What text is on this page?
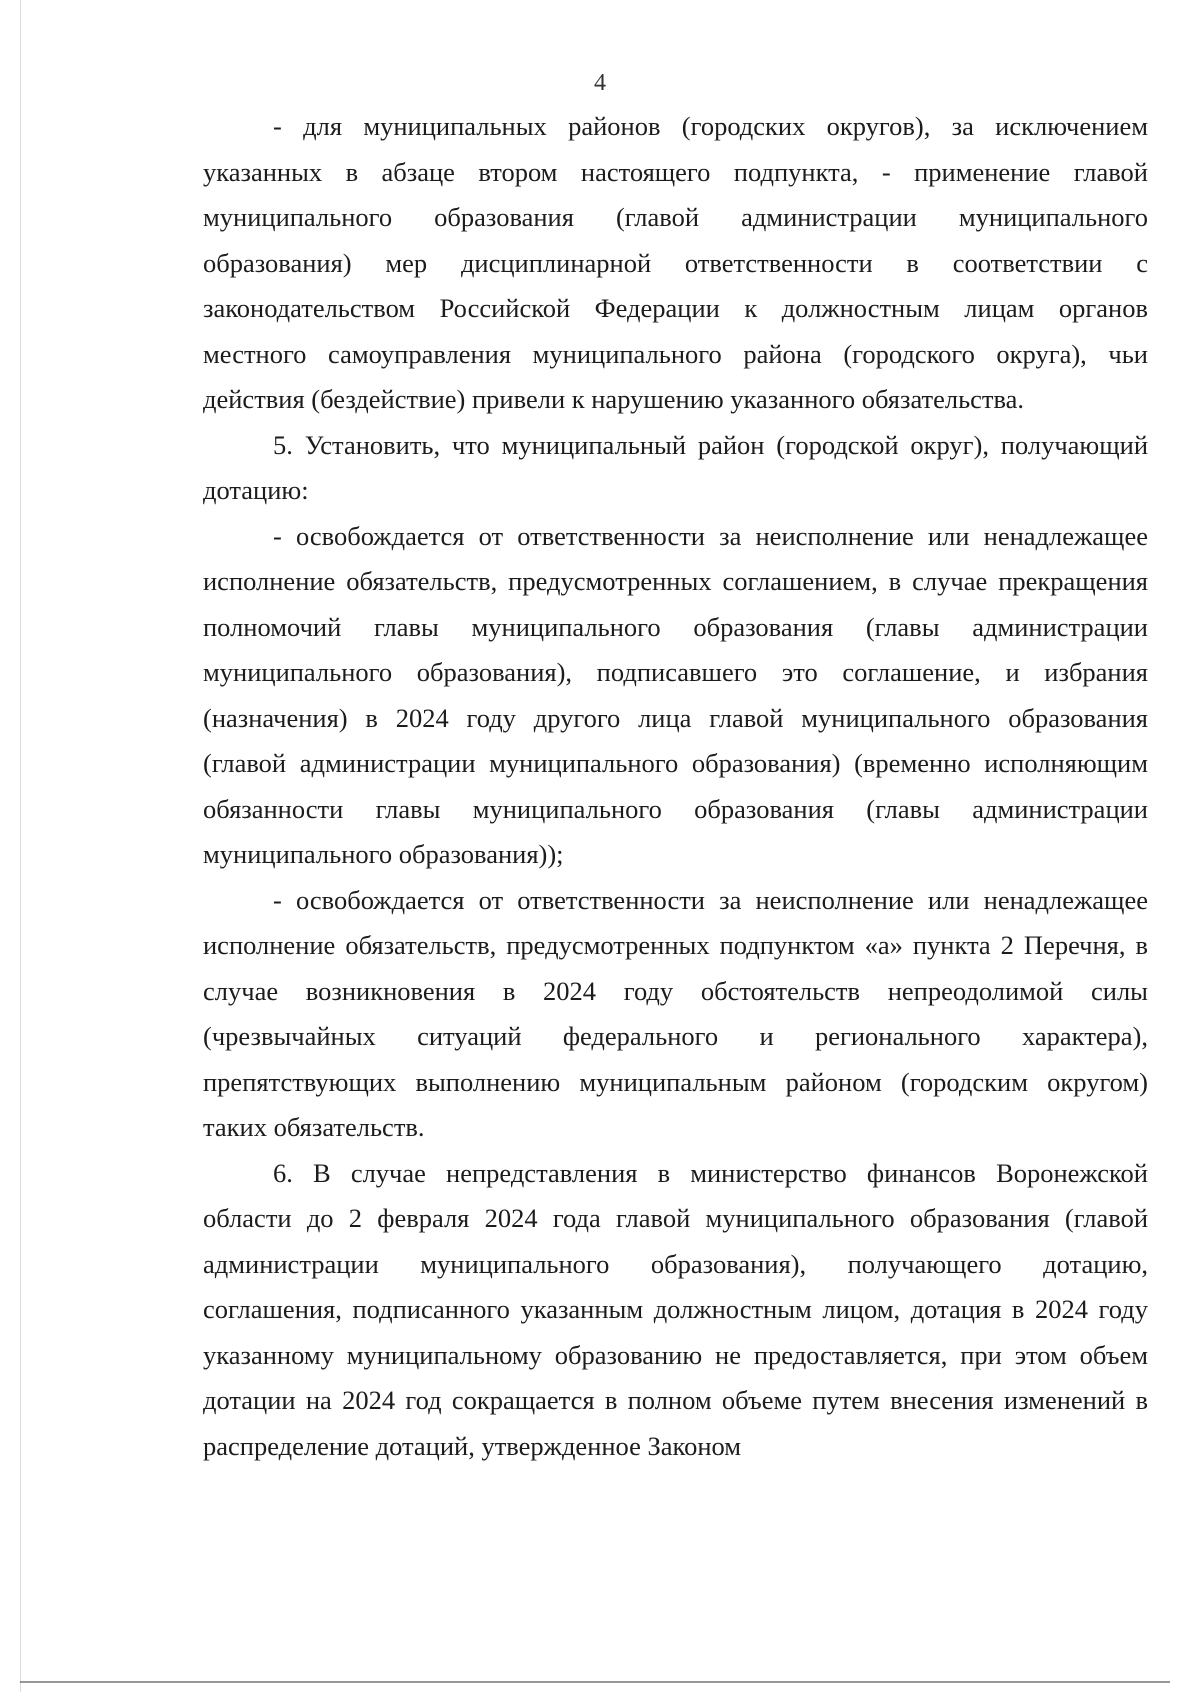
4

- для муниципальных районов (городских округов), за исключением указанных в абзаце втором настоящего подпункта, - применение главой муниципального образования (главой администрации муниципального образования) мер дисциплинарной ответственности в соответствии с законодательством Российской Федерации к должностным лицам органов местного самоуправления муниципального района (городского округа), чьи действия (бездействие) привели к нарушению указанного обязательства.

5. Установить, что муниципальный район (городской округ), получающий дотацию:

- освобождается от ответственности за неисполнение или ненадлежащее исполнение обязательств, предусмотренных соглашением, в случае прекращения полномочий главы муниципального образования (главы администрации муниципального образования), подписавшего это соглашение, и избрания (назначения) в 2024 году другого лица главой муниципального образования (главой администрации муниципального образования) (временно исполняющим обязанности главы муниципального образования (главы администрации муниципального образования));

- освобождается от ответственности за неисполнение или ненадлежащее исполнение обязательств, предусмотренных подпунктом «а» пункта 2 Перечня, в случае возникновения в 2024 году обстоятельств непреодолимой силы (чрезвычайных ситуаций федерального и регионального характера), препятствующих выполнению муниципальным районом (городским округом) таких обязательств.

6. В случае непредставления в министерство финансов Воронежской области до 2 февраля 2024 года главой муниципального образования (главой администрации муниципального образования), получающего дотацию, соглашения, подписанного указанным должностным лицом, дотация в 2024 году указанному муниципальному образованию не предоставляется, при этом объем дотации на 2024 год сокращается в полном объеме путем внесения изменений в распределение дотаций, утвержденное Законом
